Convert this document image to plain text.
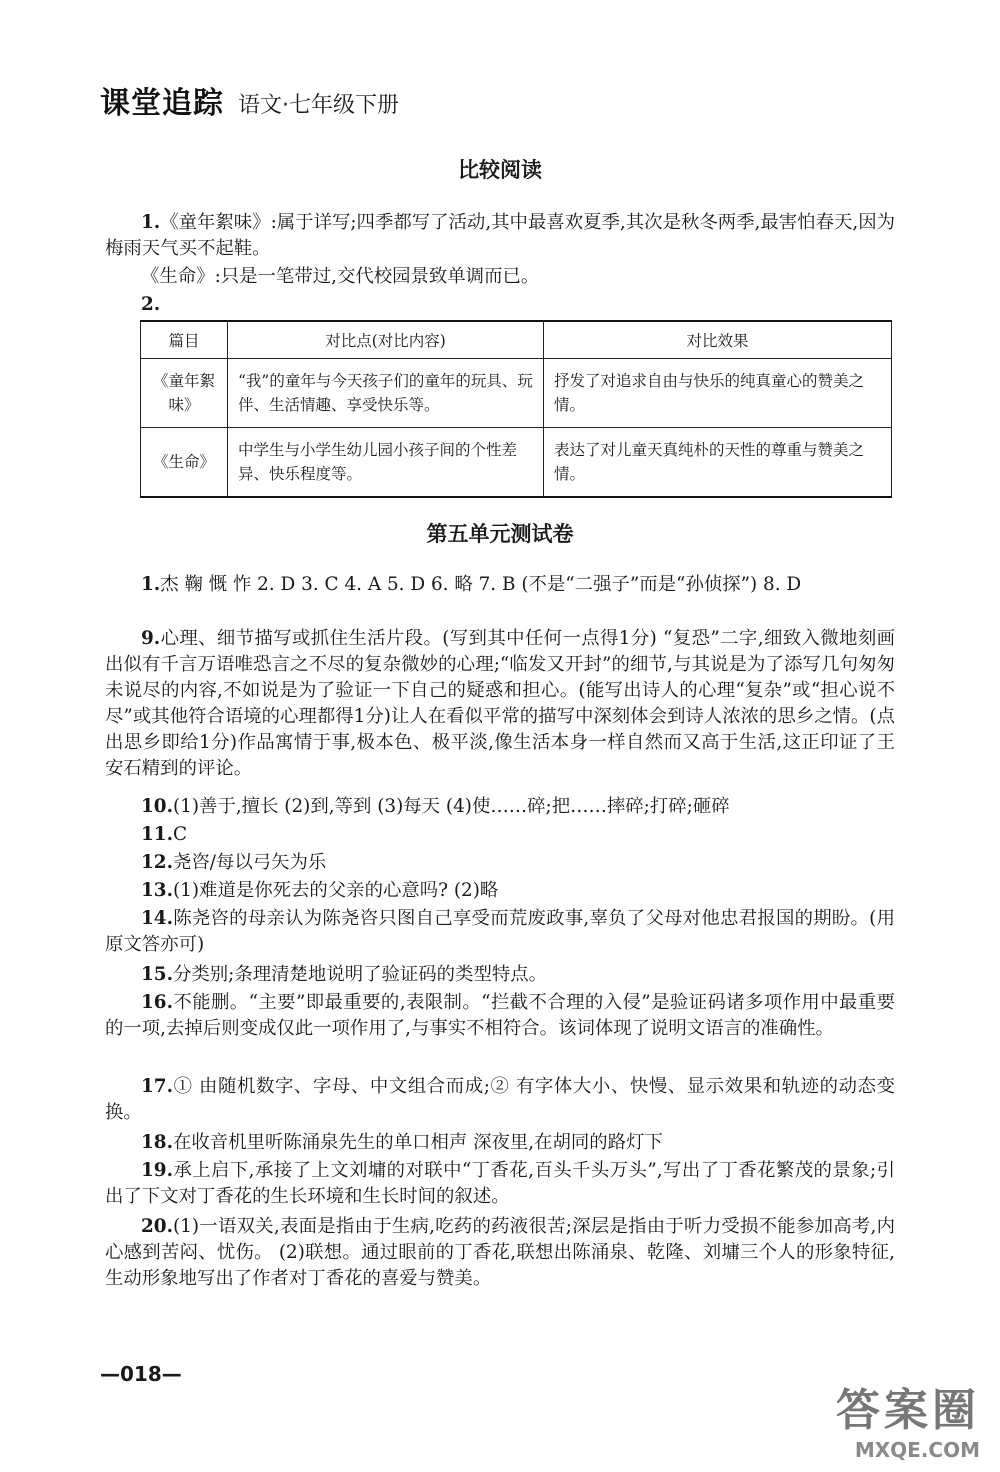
课堂追踪 语文·七年级下册
比较阅读

1.《童年絮味》:属于详写;四季都写了活动,其中最喜欢夏季,其次是秋冬两季,最害怕春天,因为梅雨天气买不起鞋。

《生命》:只是一笔带过,交代校园景致单调而已。

2.

篇目	对比点(对比内容)	对比效果
《童年絮味》	“我”的童年与今天孩子们的童年的玩具、玩伴、生活情趣、享受快乐等。	抒发了对追求自由与快乐的纯真童心的赞美之情。
《生命》	中学生与小学生幼儿园小孩子间的个性差异、快乐程度等。	表达了对儿童天真纯朴的天性的尊重与赞美之情。
第五单元测试卷

1.杰 鞠 慨 怍 2. D 3. C 4. A 5. D 6. 略 7. B (不是“二强子”而是“孙侦探”) 8. D

9.心理、细节描写或抓住生活片段。(写到其中任何一点得1分) “复恐”二字,细致入微地刻画出似有千言万语唯恐言之不尽的复杂微妙的心理;“临发又开封”的细节,与其说是为了添写几句匆匆未说尽的内容,不如说是为了验证一下自己的疑惑和担心。(能写出诗人的心理“复杂”或“担心说不尽”或其他符合语境的心理都得1分)让人在看似平常的描写中深刻体会到诗人浓浓的思乡之情。(点出思乡即给1分)作品寓情于事,极本色、极平淡,像生活本身一样自然而又高于生活,这正印证了王安石精到的评论。

10.(1)善于,擅长 (2)到,等到 (3)每天 (4)使……碎;把……摔碎;打碎;砸碎

11.C

12.尧咨/每以弓矢为乐

13.(1)难道是你死去的父亲的心意吗? (2)略

14.陈尧咨的母亲认为陈尧咨只图自己享受而荒废政事,辜负了父母对他忠君报国的期盼。(用原文答亦可)

15.分类别;条理清楚地说明了验证码的类型特点。

16.不能删。“主要”即最重要的,表限制。“拦截不合理的入侵”是验证码诸多项作用中最重要的一项,去掉后则变成仅此一项作用了,与事实不相符合。该词体现了说明文语言的准确性。

17.① 由随机数字、字母、中文组合而成;② 有字体大小、快慢、显示效果和轨迹的动态变换。

18.在收音机里听陈涌泉先生的单口相声 深夜里,在胡同的路灯下

19.承上启下,承接了上文刘墉的对联中“丁香花,百头千头万头”,写出了丁香花繁茂的景象;引出了下文对丁香花的生长环境和生长时间的叙述。

20.(1)一语双关,表面是指由于生病,吃药的药液很苦;深层是指由于听力受损不能参加高考,内心感到苦闷、忧伤。 (2)联想。通过眼前的丁香花,联想出陈涌泉、乾隆、刘墉三个人的形象特征,生动形象地写出了作者对丁香花的喜爱与赞美。

—018—
答案圈
MXQE.COM
